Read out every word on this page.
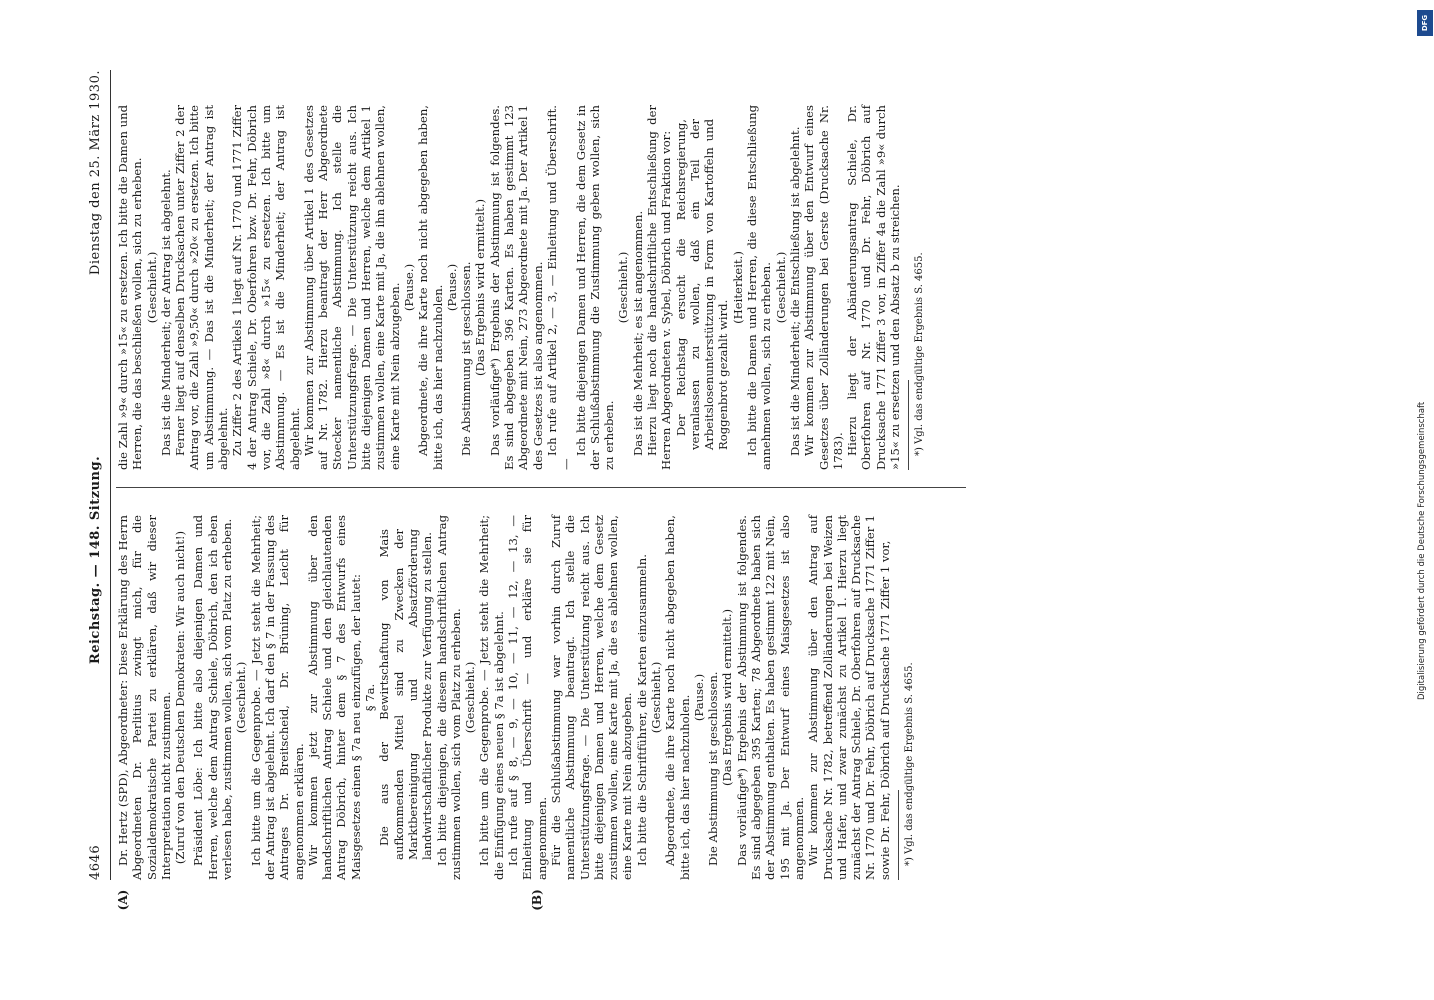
4646
Reichstag. — 148. Sitzung.
Dienstag den 25. März 1930.
(A)	(B)

Dr. Hertz (SPD), Abgeordneter: Diese Erklärung des Herrn Abgeordneten Dr. Perlitius zwingt mich, für die Sozialdemokratische Partei zu erklären, daß wir dieser Interpretation nicht zustimmen. (Zuruf von den Deutschen Demokraten: Wir auch nicht!) Präsident Löbe: Ich bitte also diejenigen Damen und Herren, welche dem Antrag Schiele, Döbrich, den ich eben verlesen habe, zustimmen wollen, sich vom Platz zu erheben. (Geschieht.) Ich bitte um die Gegenprobe. — Jetzt steht die Mehrheit; der Antrag ist abgelehnt. Ich darf den § 7 in der Fassung des Antrages Dr. Breitscheid, Dr. Brüning, Leicht für angenommen erklären. Wir kommen jetzt zur Abstimmung über den handschriftlichen Antrag Schiele und den gleichlautenden Antrag Döbrich, hinter dem § 7 des Entwurfs eines Maisgesetzes einen § 7a neu einzufügen, der lautet: § 7a. Die aus der Bewirtschaftung von Mais aufkommenden Mittel sind zu Zwecken der Marktbereinigung und Absatzförderung landwirtschaftlicher Produkte zur Verfügung zu stellen. Ich bitte diejenigen, die diesem handschriftlichen Antrag zustimmen wollen, sich vom Platz zu erheben. (Geschieht.) Ich bitte um die Gegenprobe. — Jetzt steht die Mehrheit; die Einfügung eines neuen § 7a ist abgelehnt. Ich rufe auf § 8, — 9, — 10, — 11, — 12, — 13, — Einleitung und Überschrift — und erkläre sie für angenommen. Für die Schlußabstimmung war vorhin durch Zuruf namentliche Abstimmung beantragt. Ich stelle die Unterstützungsfrage. — Die Unterstützung reicht aus. Ich bitte diejenigen Damen und Herren, welche dem Gesetz zustimmen wollen, eine Karte mit Ja, die es ablehnen wollen, eine Karte mit Nein abzugeben. Ich bitte die Schriftführer, die Karten einzusammeln. (Geschieht.) Abgeordnete, die ihre Karte noch nicht abgegeben haben, bitte ich, das hier nachzuholen. (Pause.) Die Abstimmung ist geschlossen. (Das Ergebnis wird ermittelt.) Das vorläufige*) Ergebnis der Abstimmung ist folgendes. Es sind abgegeben 395 Karten; 78 Abgeordnete haben sich der Abstimmung enthalten. Es haben gestimmt 122 mit Nein, 195 mit Ja. Der Entwurf eines Maisgesetzes ist also angenommen. Wir kommen zur Abstimmung über den Antrag auf Drucksache Nr. 1782, betreffend Zolländerungen bei Weizen und Hafer, und zwar zunächst zu Artikel 1. Hierzu liegt zunächst der Antrag Schiele, Dr. Oberfohren auf Drucksache Nr. 1770 und Dr. Fehr, Döbrich auf Drucksache 1771 Ziffer 1 sowie Dr. Fehr, Döbrich auf Drucksache 1771 Ziffer 1 vor, *) Vgl. das endgültige Ergebnis S. 4655.

die Zahl »9« durch »15« zu ersetzen. Ich bitte die Damen und Herren, die das beschließen wollen, sich zu erheben. (Geschieht.) Das ist die Minderheit; der Antrag ist abgelehnt. Ferner liegt auf denselben Drucksachen unter Ziffer 2 der Antrag vor, die Zahl »9,50« durch »20« zu ersetzen. Ich bitte um Abstimmung. — Das ist die Minderheit; der Antrag ist abgelehnt. Zu Ziffer 2 des Artikels 1 liegt auf Nr. 1770 und 1771 Ziffer 4 der Antrag Schiele, Dr. Oberfohren bzw. Dr. Fehr, Döbrich vor, die Zahl »8« durch »15« zu ersetzen. Ich bitte um Abstimmung. — Es ist die Minderheit; der Antrag ist abgelehnt. Wir kommen zur Abstimmung über Artikel 1 des Gesetzes auf Nr. 1782. Hierzu beantragt der Herr Abgeordnete Stoecker namentliche Abstimmung. Ich stelle die Unterstützungsfrage. — Die Unterstützung reicht aus. Ich bitte diejenigen Damen und Herren, welche dem Artikel 1 zustimmen wollen, eine Karte mit Ja, die ihn ablehnen wollen, eine Karte mit Nein abzugeben. (Pause.) Abgeordnete, die ihre Karte noch nicht abgegeben haben, bitte ich, das hier nachzuholen. (Pause.) Die Abstimmung ist geschlossen. (Das Ergebnis wird ermittelt.) Das vorläufige*) Ergebnis der Abstimmung ist folgendes. Es sind abgegeben 396 Karten. Es haben gestimmt 123 Abgeordnete mit Nein, 273 Abgeordnete mit Ja. Der Artikel 1 des Gesetzes ist also angenommen. Ich rufe auf Artikel 2, — 3, — Einleitung und Überschrift. —

Ich bitte diejenigen Damen und Herren, die dem Gesetz in der Schlußabstimmung die Zustimmung geben wollen, sich zu erheben.

(Geschieht.) Das ist die Mehrheit; es ist angenommen. Hierzu liegt noch die handschriftliche Entschließung der Herren Abgeordneten v. Sybel, Döbrich und Fraktion vor: Der Reichstag ersucht die Reichsregierung, veranlassen zu wollen, daß ein Teil der Arbeitslosenunterstützung in Form von Kartoffeln und Roggenbrot gezahlt wird.

(Heiterkeit.) Ich bitte die Damen und Herren, die diese Entschließung annehmen wollen, sich zu erheben. (Geschieht.) Das ist die Minderheit; die Entschließung ist abgelehnt. Wir kommen zur Abstimmung über den Entwurf eines Gesetzes über Zolländerungen bei Gerste (Drucksache Nr. 1783). Hierzu liegt der Abänderungsantrag Schiele, Dr. Oberfohren auf Nr. 1770 und Dr. Fehr, Döbrich auf Drucksache 1771 Ziffer 3 vor, in Ziffer 4a die Zahl »9« durch »15« zu ersetzen und den Absatz b zu streichen. *) Vgl. das endgültige Ergebnis S. 4655.

DFG
Digitalisierung gefördert durch die Deutsche Forschungsgemeinschaft
